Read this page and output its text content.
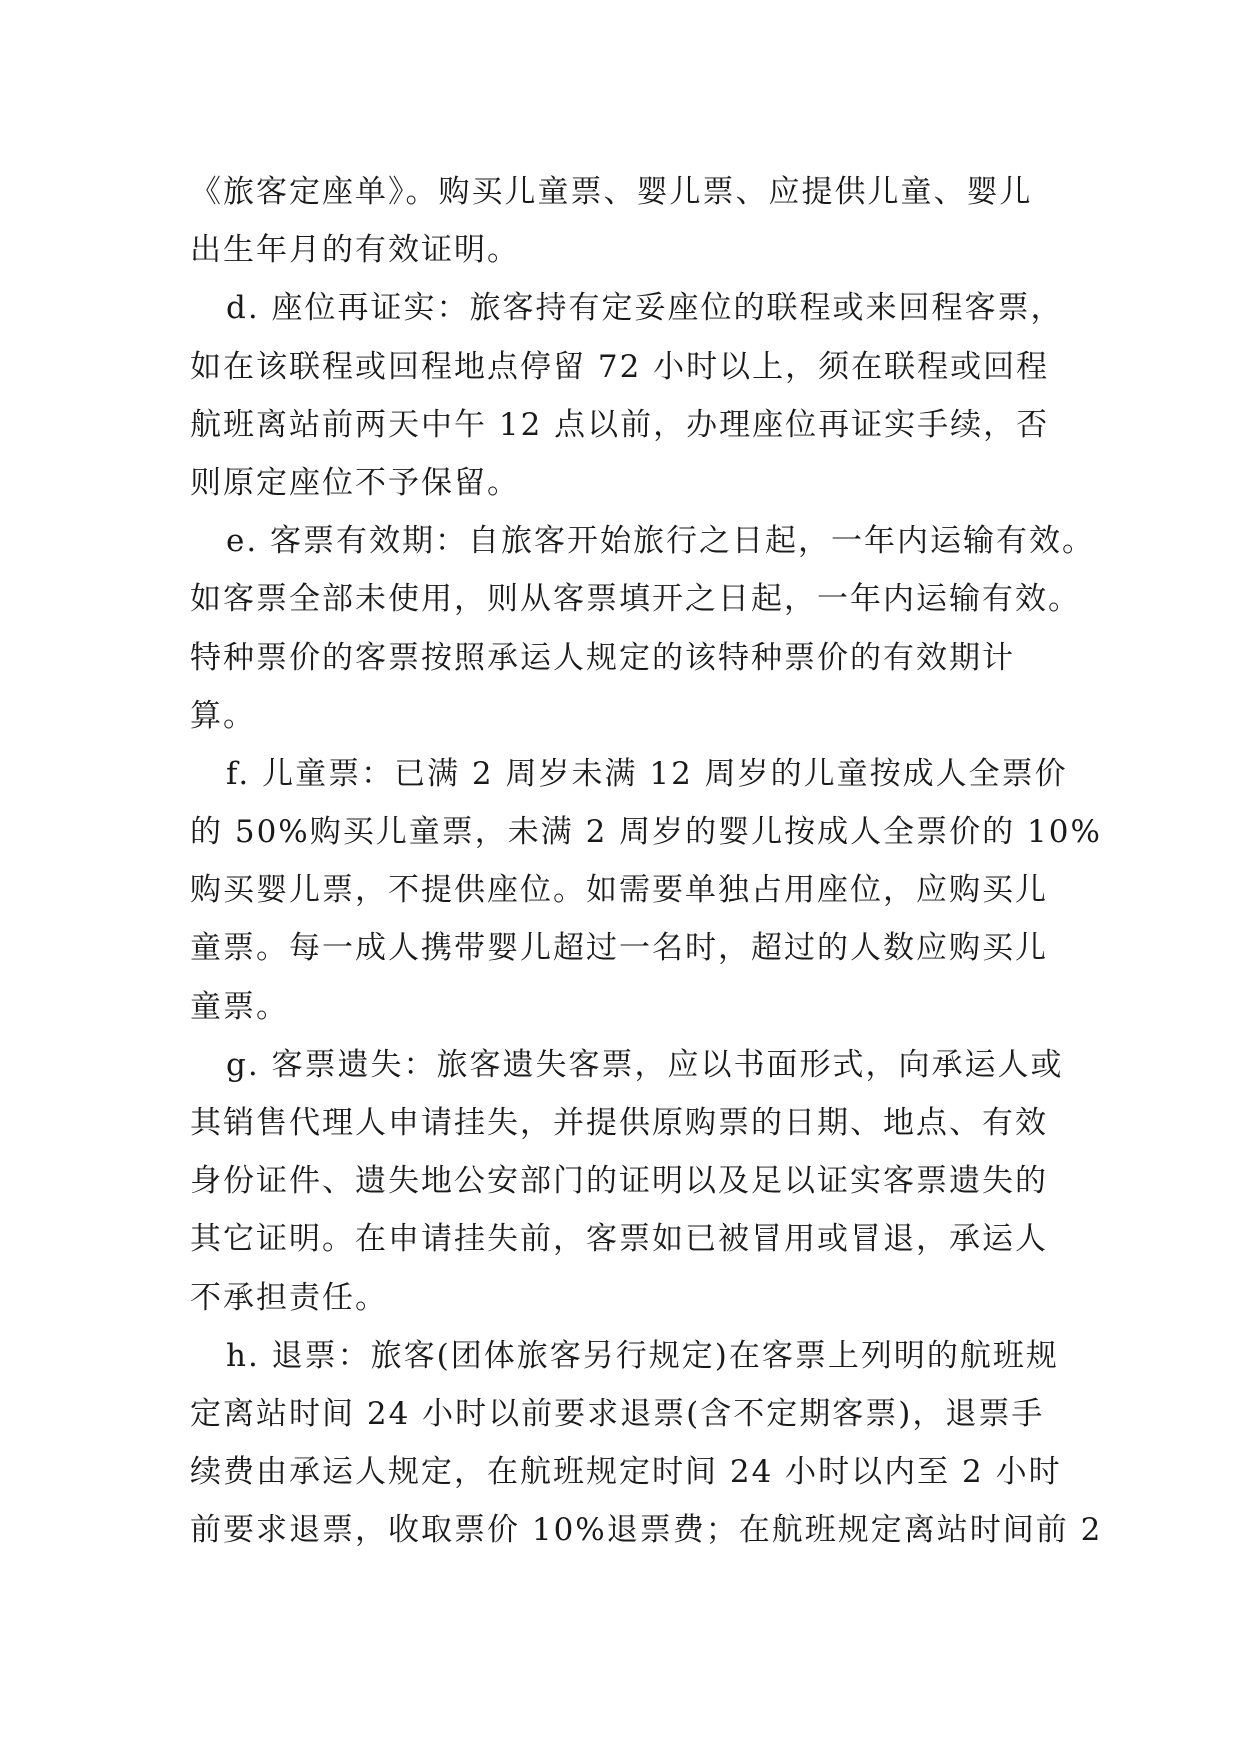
《旅客定座单》。购买儿童票、婴儿票、应提供儿童、婴儿
出生年月的有效证明。
d. 座位再证实：旅客持有定妥座位的联程或来回程客票，
如在该联程或回程地点停留 72 小时以上，须在联程或回程
航班离站前两天中午 12 点以前，办理座位再证实手续，否
则原定座位不予保留。
e. 客票有效期：自旅客开始旅行之日起，一年内运输有效。
如客票全部未使用，则从客票填开之日起，一年内运输有效。
特种票价的客票按照承运人规定的该特种票价的有效期计
算。
f. 儿童票：已满 2 周岁未满 12 周岁的儿童按成人全票价
的 50%购买儿童票，未满 2 周岁的婴儿按成人全票价的 10%
购买婴儿票，不提供座位。如需要单独占用座位，应购买儿
童票。每一成人携带婴儿超过一名时，超过的人数应购买儿
童票。
g. 客票遗失：旅客遗失客票，应以书面形式，向承运人或
其销售代理人申请挂失，并提供原购票的日期、地点、有效
身份证件、遗失地公安部门的证明以及足以证实客票遗失的
其它证明。在申请挂失前，客票如已被冒用或冒退，承运人
不承担责任。
h. 退票：旅客(团体旅客另行规定)在客票上列明的航班规
定离站时间 24 小时以前要求退票(含不定期客票)，退票手
续费由承运人规定，在航班规定时间 24 小时以内至 2 小时
前要求退票，收取票价 10%退票费；在航班规定离站时间前 2
